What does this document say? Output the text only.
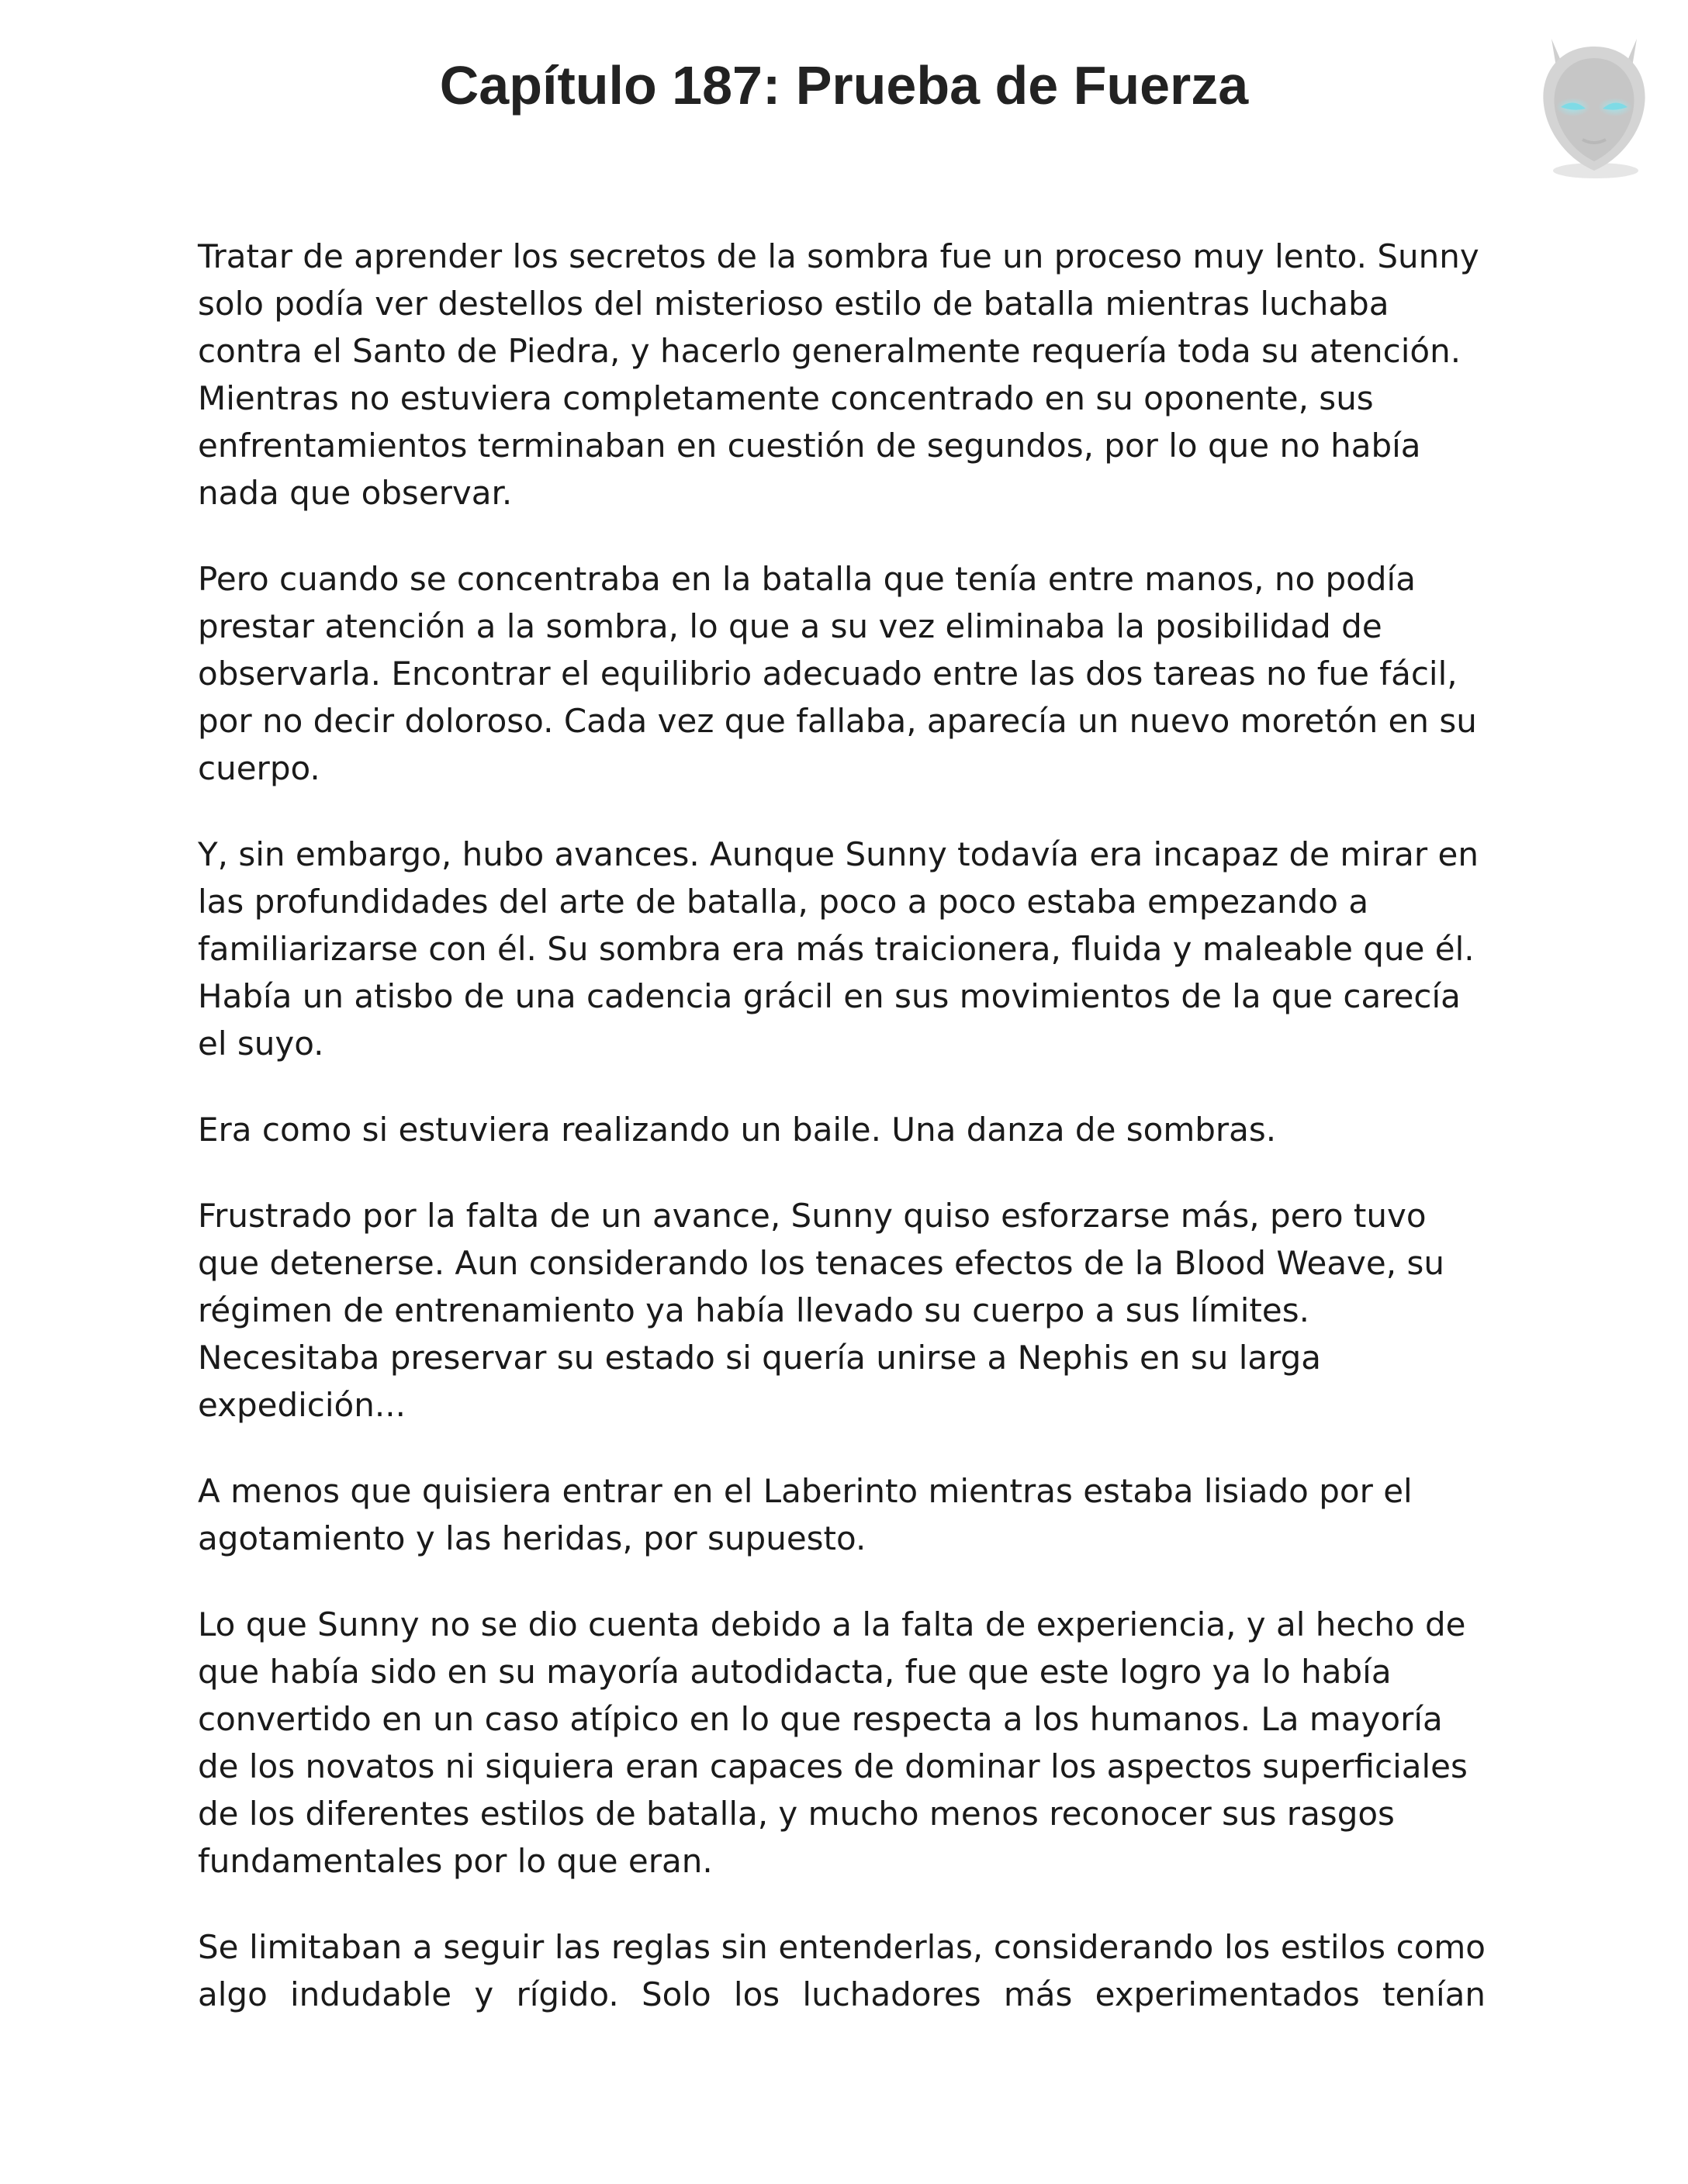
Capítulo 187: Prueba de Fuerza

Tratar de aprender los secretos de la sombra fue un proceso muy lento. Sunny solo podía ver destellos del misterioso estilo de batalla mientras luchaba contra el Santo de Piedra, y hacerlo generalmente requería toda su atención. Mientras no estuviera completamente concentrado en su oponente, sus enfrentamientos terminaban en cuestión de segundos, por lo que no había nada que observar.

Pero cuando se concentraba en la batalla que tenía entre manos, no podía prestar atención a la sombra, lo que a su vez eliminaba la posibilidad de observarla. Encontrar el equilibrio adecuado entre las dos tareas no fue fácil, por no decir doloroso. Cada vez que fallaba, aparecía un nuevo moretón en su cuerpo.

Y, sin embargo, hubo avances. Aunque Sunny todavía era incapaz de mirar en las profundidades del arte de batalla, poco a poco estaba empezando a familiarizarse con él. Su sombra era más traicionera, fluida y maleable que él. Había un atisbo de una cadencia grácil en sus movimientos de la que carecía el suyo.

Era como si estuviera realizando un baile. Una danza de sombras.

Frustrado por la falta de un avance, Sunny quiso esforzarse más, pero tuvo que detenerse. Aun considerando los tenaces efectos de la Blood Weave, su régimen de entrenamiento ya había llevado su cuerpo a sus límites. Necesitaba preservar su estado si quería unirse a Nephis en su larga expedición...

A menos que quisiera entrar en el Laberinto mientras estaba lisiado por el agotamiento y las heridas, por supuesto.

Lo que Sunny no se dio cuenta debido a la falta de experiencia, y al hecho de que había sido en su mayoría autodidacta, fue que este logro ya lo había convertido en un caso atípico en lo que respecta a los humanos. La mayoría de los novatos ni siquiera eran capaces de dominar los aspectos superficiales de los diferentes estilos de batalla, y mucho menos reconocer sus rasgos fundamentales por lo que eran.

Se limitaban a seguir las reglas sin entenderlas, considerando los estilos como algo indudable y rígido. Solo los luchadores más experimentados tenían
